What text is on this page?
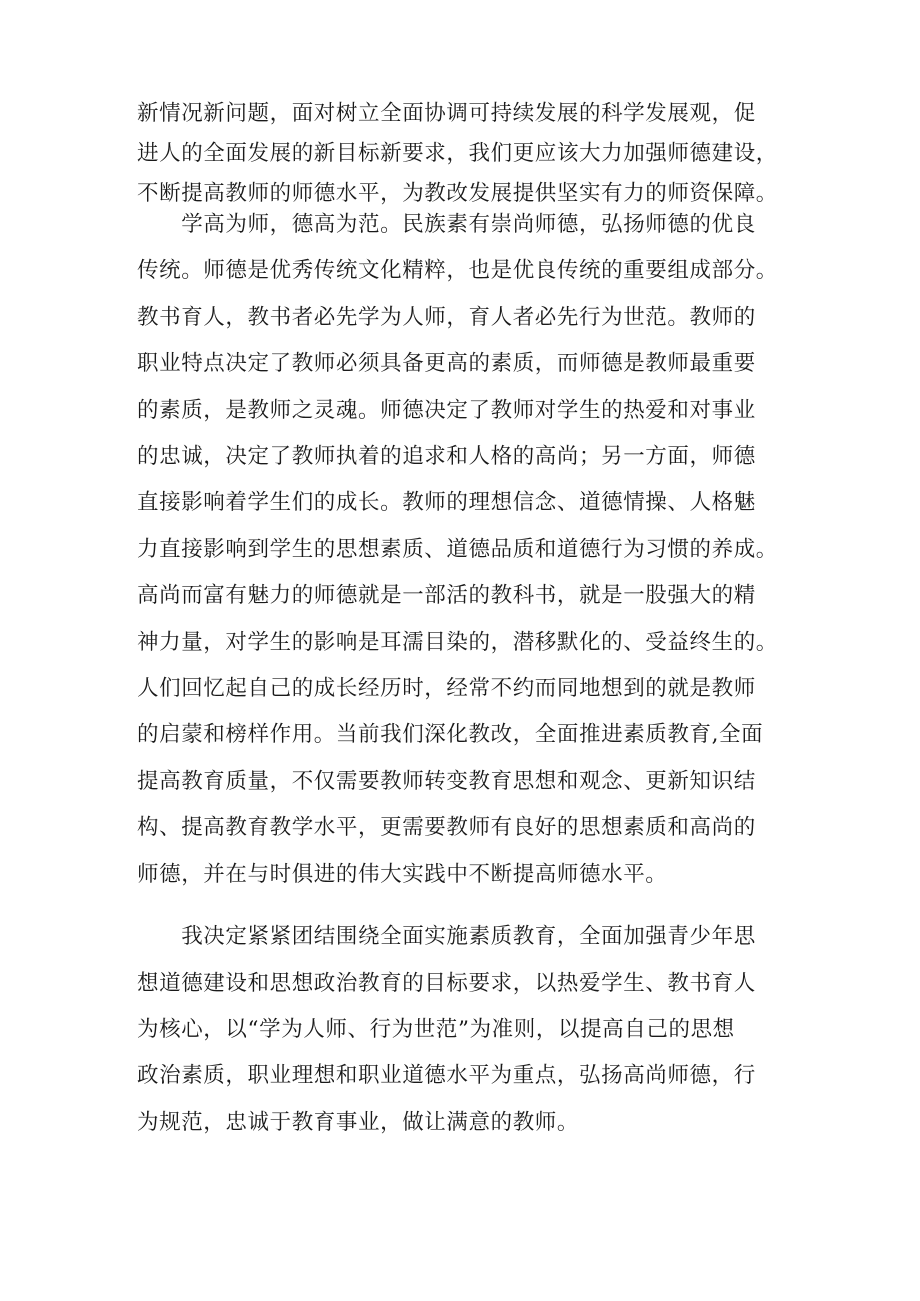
新情况新问题，面对树立全面协调可持续发展的科学发展观，促
进人的全面发展的新目标新要求，我们更应该大力加强师德建设，
不断提高教师的师德水平，为教改发展提供坚实有力的师资保障。
　　学高为师，德高为范。民族素有崇尚师德，弘扬师德的优良
传统。师德是优秀传统文化精粹，也是优良传统的重要组成部分。
教书育人，教书者必先学为人师，育人者必先行为世范。教师的
职业特点决定了教师必须具备更高的素质，而师德是教师最重要
的素质，是教师之灵魂。师德决定了教师对学生的热爱和对事业
的忠诚，决定了教师执着的追求和人格的高尚；另一方面，师德
直接影响着学生们的成长。教师的理想信念、道德情操、人格魅
力直接影响到学生的思想素质、道德品质和道德行为习惯的养成。
高尚而富有魅力的师德就是一部活的教科书，就是一股强大的精
神力量，对学生的影响是耳濡目染的，潜移默化的、受益终生的。
人们回忆起自己的成长经历时，经常不约而同地想到的就是教师
的启蒙和榜样作用。当前我们深化教改，全面推进素质教育,全面
提高教育质量，不仅需要教师转变教育思想和观念、更新知识结
构、提高教育教学水平，更需要教师有良好的思想素质和高尚的
师德，并在与时俱进的伟大实践中不断提高师德水平。
　　我决定紧紧团结围绕全面实施素质教育，全面加强青少年思
想道德建设和思想政治教育的目标要求，以热爱学生、教书育人
为核心，以“学为人师、行为世范”为准则，以提高自己的思想
政治素质，职业理想和职业道德水平为重点，弘扬高尚师德，行
为规范，忠诚于教育事业，做让满意的教师。
